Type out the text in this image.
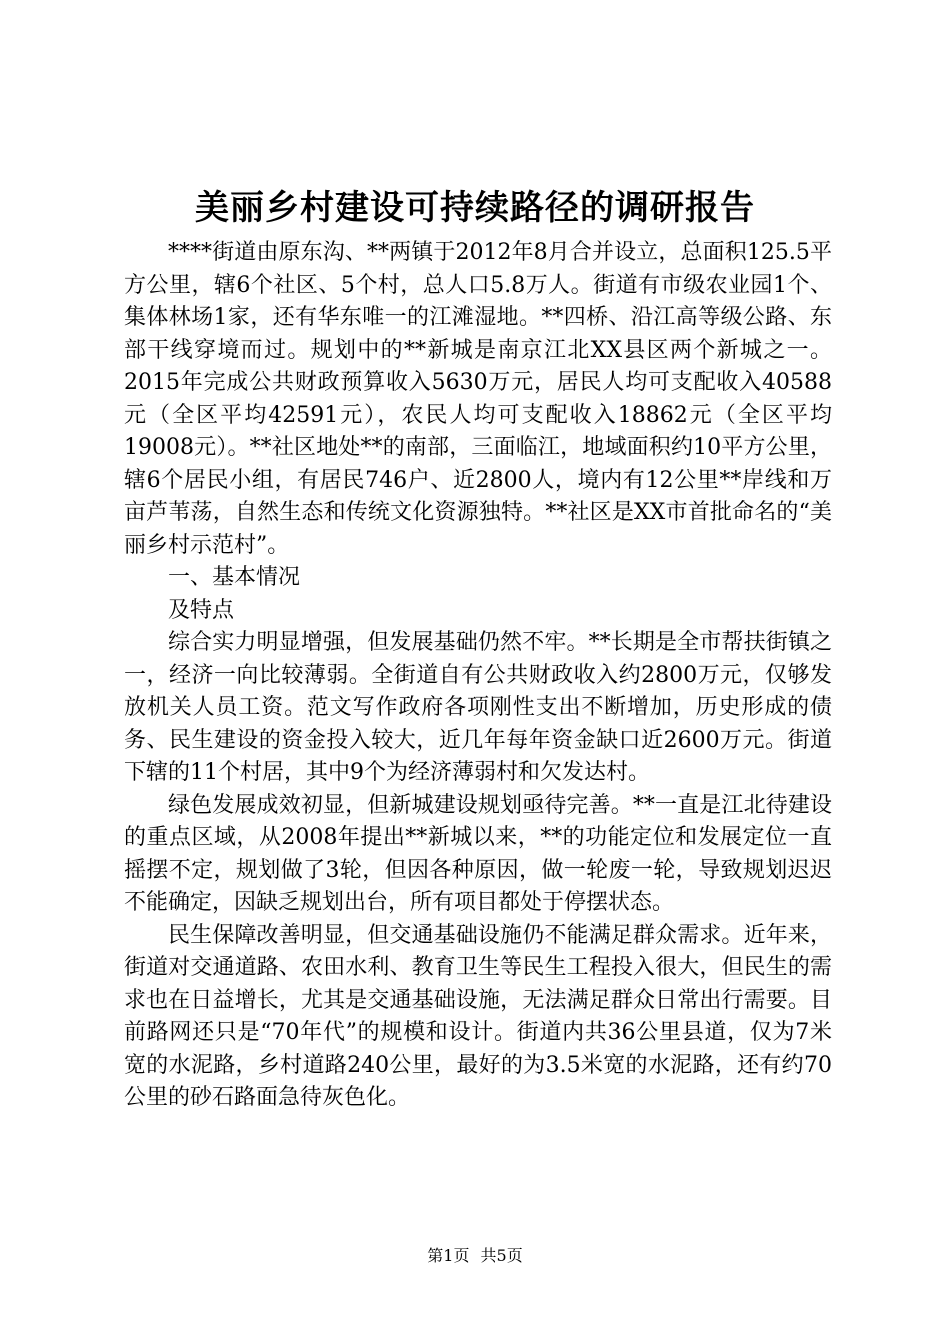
美丽乡村建设可持续路径的调研报告

****街道由原东沟、**两镇于2012年8月合并设立，总面积125.5平方公里，辖6个社区、5个村，总人口5.8万人。街道有市级农业园1个、集体林场1家，还有华东唯一的江滩湿地。**四桥、沿江高等级公路、东部干线穿境而过。规划中的**新城是南京江北XX县区两个新城之一。2015年完成公共财政预算收入5630万元，居民人均可支配收入40588元（全区平均42591元），农民人均可支配收入18862元（全区平均19008元）。**社区地处**的南部，三面临江，地域面积约10平方公里，辖6个居民小组，有居民746户、近2800人，境内有12公里**岸线和万亩芦苇荡，自然生态和传统文化资源独特。**社区是XX市首批命名的“美丽乡村示范村”。

一、基本情况

及特点

综合实力明显增强，但发展基础仍然不牢。**长期是全市帮扶街镇之一，经济一向比较薄弱。全街道自有公共财政收入约2800万元，仅够发放机关人员工资。范文写作政府各项刚性支出不断增加，历史形成的债务、民生建设的资金投入较大，近几年每年资金缺口近2600万元。街道下辖的11个村居，其中9个为经济薄弱村和欠发达村。

绿色发展成效初显，但新城建设规划亟待完善。**一直是江北待建设的重点区域，从2008年提出**新城以来，**的功能定位和发展定位一直摇摆不定，规划做了3轮，但因各种原因，做一轮废一轮，导致规划迟迟不能确定，因缺乏规划出台，所有项目都处于停摆状态。

民生保障改善明显，但交通基础设施仍不能满足群众需求。近年来，街道对交通道路、农田水利、教育卫生等民生工程投入很大，但民生的需求也在日益增长，尤其是交通基础设施，无法满足群众日常出行需要。目前路网还只是“70年代”的规模和设计。街道内共36公里县道，仅为7米宽的水泥路，乡村道路240公里，最好的为3.5米宽的水泥路，还有约70公里的砂石路面急待灰色化。

第1页 共5页
